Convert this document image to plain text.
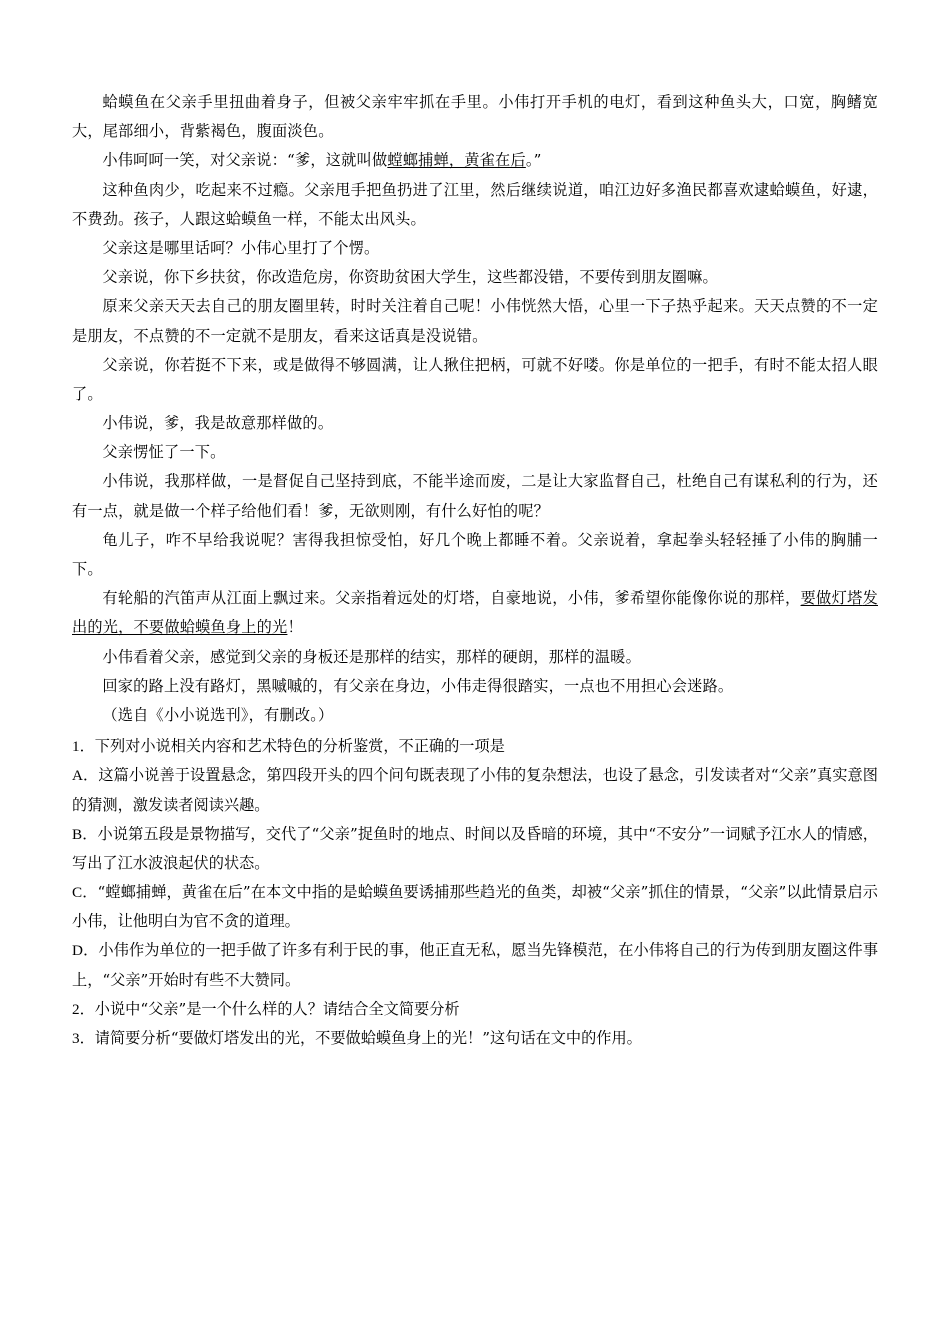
蛤蟆鱼在父亲手里扭曲着身子，但被父亲牢牢抓在手里。小伟打开手机的电灯，看到这种鱼头大，口宽，胸鳍宽大，尾部细小，背紫褐色，腹面淡色。

小伟呵呵一笑，对父亲说：“爹，这就叫做螳螂捕蝉，黄雀在后。”

这种鱼肉少，吃起来不过瘾。父亲甩手把鱼扔进了江里，然后继续说道，咱江边好多渔民都喜欢逮蛤蟆鱼，好逮，不费劲。孩子，人跟这蛤蟆鱼一样，不能太出风头。

父亲这是哪里话呵？小伟心里打了个愣。

父亲说，你下乡扶贫，你改造危房，你资助贫困大学生，这些都没错，不要传到朋友圈嘛。

原来父亲天天去自己的朋友圈里转，时时关注着自己呢！小伟恍然大悟，心里一下子热乎起来。天天点赞的不一定是朋友，不点赞的不一定就不是朋友，看来这话真是没说错。

父亲说，你若挺不下来，或是做得不够圆满，让人揪住把柄，可就不好喽。你是单位的一把手，有时不能太招人眼了。

小伟说，爹，我是故意那样做的。

父亲愣怔了一下。

小伟说，我那样做，一是督促自己坚持到底，不能半途而废，二是让大家监督自己，杜绝自己有谋私利的行为，还有一点，就是做一个样子给他们看！爹，无欲则刚，有什么好怕的呢？

龟儿子，咋不早给我说呢？害得我担惊受怕，好几个晚上都睡不着。父亲说着，拿起拳头轻轻捶了小伟的胸脯一下。

有轮船的汽笛声从江面上飘过来。父亲指着远处的灯塔，自豪地说，小伟，爹希望你能像你说的那样，要做灯塔发出的光，不要做蛤蟆鱼身上的光！

小伟看着父亲，感觉到父亲的身板还是那样的结实，那样的硬朗，那样的温暖。

回家的路上没有路灯，黑嘁嘁的，有父亲在身边，小伟走得很踏实，一点也不用担心会迷路。

（选自《小小说选刊》，有删改。）

1．下列对小说相关内容和艺术特色的分析鉴赏，不正确的一项是

A．这篇小说善于设置悬念，第四段开头的四个问句既表现了小伟的复杂想法，也设了悬念，引发读者对“父亲”真实意图的猜测，激发读者阅读兴趣。

B．小说第五段是景物描写，交代了“父亲”捉鱼时的地点、时间以及昏暗的环境，其中“不安分”一词赋予江水人的情感，写出了江水波浪起伏的状态。

C．“螳螂捕蝉，黄雀在后”在本文中指的是蛤蟆鱼要诱捕那些趋光的鱼类，却被“父亲”抓住的情景，“父亲”以此情景启示小伟，让他明白为官不贪的道理。

D．小伟作为单位的一把手做了许多有利于民的事，他正直无私，愿当先锋模范，在小伟将自己的行为传到朋友圈这件事上，“父亲”开始时有些不大赞同。

2．小说中“父亲”是一个什么样的人？请结合全文简要分析

3．请简要分析“要做灯塔发出的光，不要做蛤蟆鱼身上的光！”这句话在文中的作用。
